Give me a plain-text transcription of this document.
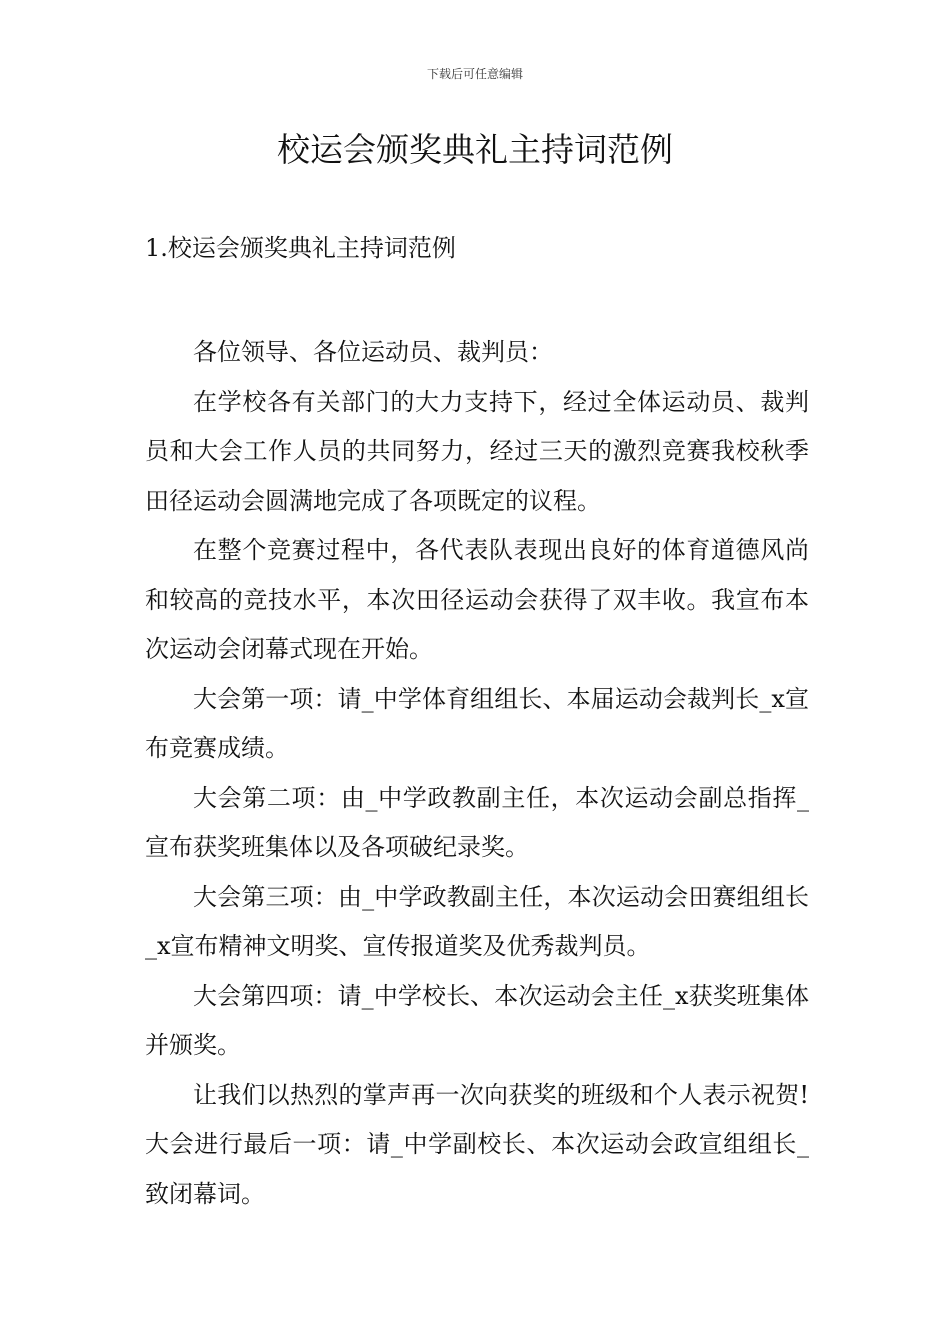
下载后可任意编辑
校运会颁奖典礼主持词范例
1.校运会颁奖典礼主持词范例

各位领导、各位运动员、裁判员：

在学校各有关部门的大力支持下，经过全体运动员、裁判员和大会工作人员的共同努力，经过三天的激烈竞赛我校秋季田径运动会圆满地完成了各项既定的议程。

在整个竞赛过程中，各代表队表现出良好的体育道德风尚和较高的竞技水平，本次田径运动会获得了双丰收。我宣布本次运动会闭幕式现在开始。

大会第一项：请_中学体育组组长、本届运动会裁判长_x宣布竞赛成绩。

大会第二项：由_中学政教副主任，本次运动会副总指挥_宣布获奖班集体以及各项破纪录奖。

大会第三项：由_中学政教副主任，本次运动会田赛组组长_x宣布精神文明奖、宣传报道奖及优秀裁判员。

大会第四项：请_中学校长、本次运动会主任_x获奖班集体并颁奖。

让我们以热烈的掌声再一次向获奖的班级和个人表示祝贺!大会进行最后一项：请_中学副校长、本次运动会政宣组组长_致闭幕词。
